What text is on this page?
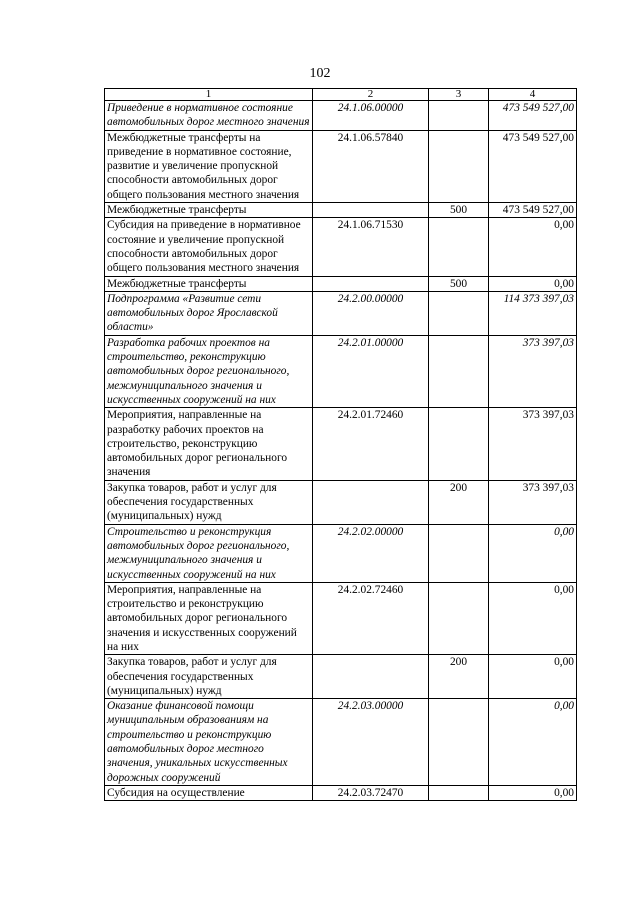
102
1	2	3	4
Приведение в нормативное состояние автомобильных дорог местного значения	24.1.06.00000		473 549 527,00
Межбюджетные трансферты на приведение в нормативное состояние, развитие и увеличение пропускной способности автомобильных дорог общего пользования местного значения	24.1.06.57840		473 549 527,00
Межбюджетные трансферты		500	473 549 527,00
Субсидия на приведение в нормативное состояние и увеличение пропускной способности автомобильных дорог общего пользования местного значения	24.1.06.71530		0,00
Межбюджетные трансферты		500	0,00
Подпрограмма «Развитие сети автомобильных дорог Ярославской области»	24.2.00.00000		114 373 397,03
Разработка рабочих проектов на строительство, реконструкцию автомобильных дорог регионального, межмуниципального значения и искусственных сооружений на них	24.2.01.00000		373 397,03
Мероприятия, направленные на разработку рабочих проектов на строительство, реконструкцию автомобильных дорог регионального значения	24.2.01.72460		373 397,03
Закупка товаров, работ и услуг для обеспечения государственных (муниципальных) нужд		200	373 397,03
Строительство и реконструкция автомобильных дорог регионального, межмуниципального значения и искусственных сооружений на них	24.2.02.00000		0,00
Мероприятия, направленные на строительство и реконструкцию автомобильных дорог регионального значения и искусственных сооружений на них	24.2.02.72460		0,00
Закупка товаров, работ и услуг для обеспечения государственных (муниципальных) нужд		200	0,00
Оказание финансовой помощи муниципальным образованиям на строительство и реконструкцию автомобильных дорог местного значения, уникальных искусственных дорожных сооружений	24.2.03.00000		0,00
Субсидия на осуществление	24.2.03.72470		0,00
